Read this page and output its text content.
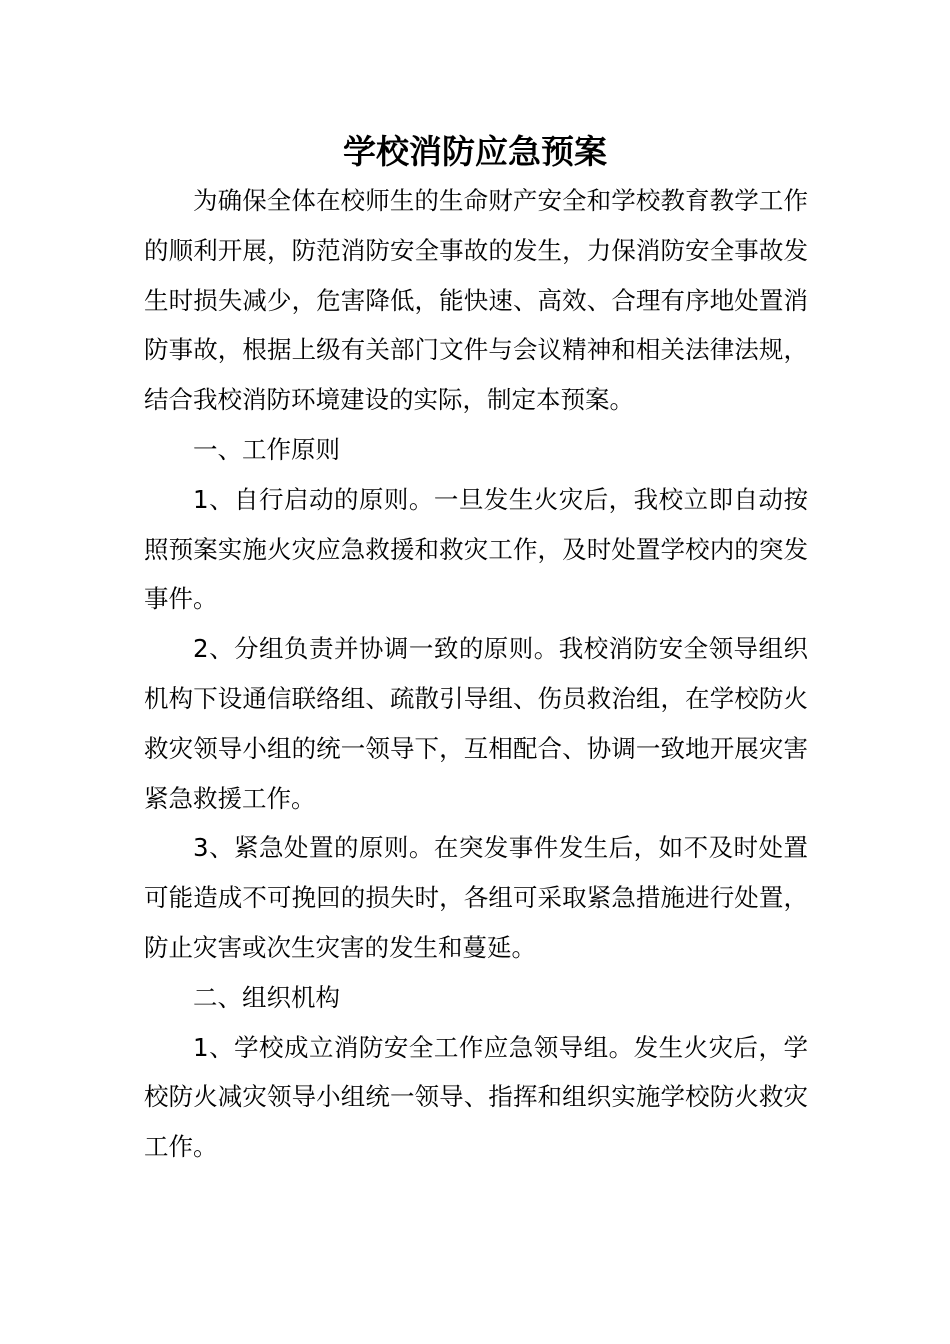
学校消防应急预案

为确保全体在校师生的生命财产安全和学校教育教学工作的顺利开展，防范消防安全事故的发生，力保消防安全事故发生时损失减少，危害降低，能快速、高效、合理有序地处置消防事故，根据上级有关部门文件与会议精神和相关法律法规，结合我校消防环境建设的实际，制定本预案。

一、工作原则

1、自行启动的原则。一旦发生火灾后，我校立即自动按照预案实施火灾应急救援和救灾工作，及时处置学校内的突发事件。

2、分组负责并协调一致的原则。我校消防安全领导组织机构下设通信联络组、疏散引导组、伤员救治组，在学校防火救灾领导小组的统一领导下，互相配合、协调一致地开展灾害紧急救援工作。

3、紧急处置的原则。在突发事件发生后，如不及时处置可能造成不可挽回的损失时，各组可采取紧急措施进行处置，防止灾害或次生灾害的发生和蔓延。

二、组织机构

1、学校成立消防安全工作应急领导组。发生火灾后，学校防火减灾领导小组统一领导、指挥和组织实施学校防火救灾工作。
